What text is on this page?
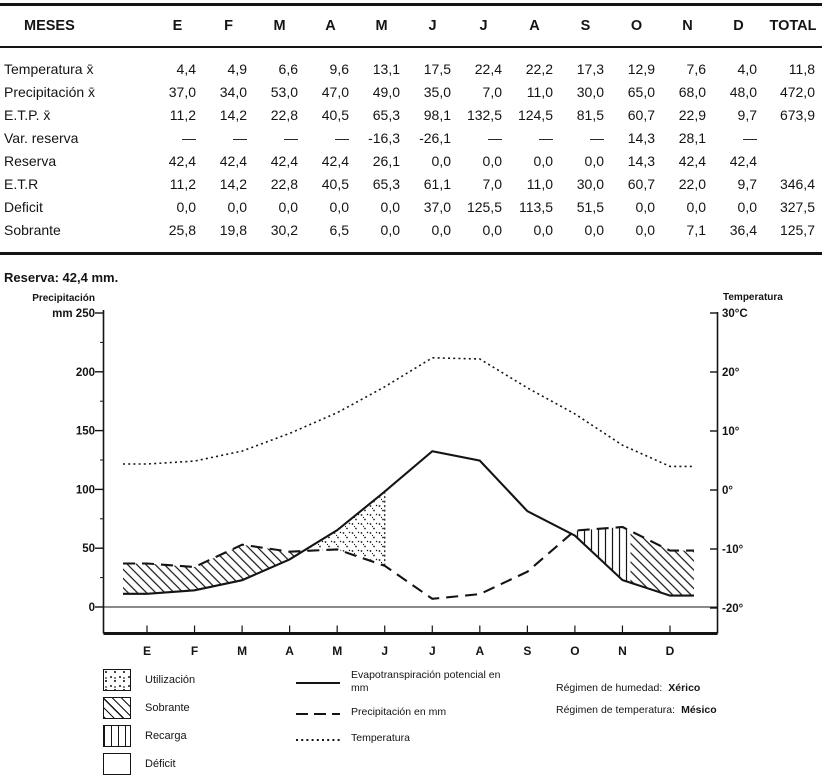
MESES	E	F	M	A	M	J	J	A	S	O	N	D	TOTAL

Temperatura x̄	4,4	4,9	6,6	9,6	13,1	17,5	22,4	22,2	17,3	12,9	7,6	4,0	11,8
Precipitación x̄	37,0	34,0	53,0	47,0	49,0	35,0	7,0	11,0	30,0	65,0	68,0	48,0	472,0
E.T.P. x̄	11,2	14,2	22,8	40,5	65,3	98,1	132,5	124,5	81,5	60,7	22,9	9,7	673,9
Var. reserva	—	—	—	—	-16,3	-26,1	—	—	—	14,3	28,1	—	
Reserva	42,4	42,4	42,4	42,4	26,1	0,0	0,0	0,0	0,0	14,3	42,4	42,4	
E.T.R	11,2	14,2	22,8	40,5	65,3	61,1	7,0	11,0	30,0	60,7	22,0	9,7	346,4
Deficit	0,0	0,0	0,0	0,0	0,0	37,0	125,5	113,5	51,5	0,0	0,0	0,0	327,5
Sobrante	25,8	19,8	30,2	6,5	0,0	0,0	0,0	0,0	0,0	0,0	7,1	36,4	125,7

Reserva: 42,4 mm.
Precipitación	Temperatura
mm 250
200
150
100
50
0
30°C
20°
10°
0°
-10°
-20°
E	F	M	A	M	J	J	A	S	O	N	D
Utilización
Sobrante
Recarga
Déficit
Evapotranspiración potencial en mm
Precipitación en mm
Temperatura
Régimen de humedad: Xérico
Régimen de temperatura: Mésico
